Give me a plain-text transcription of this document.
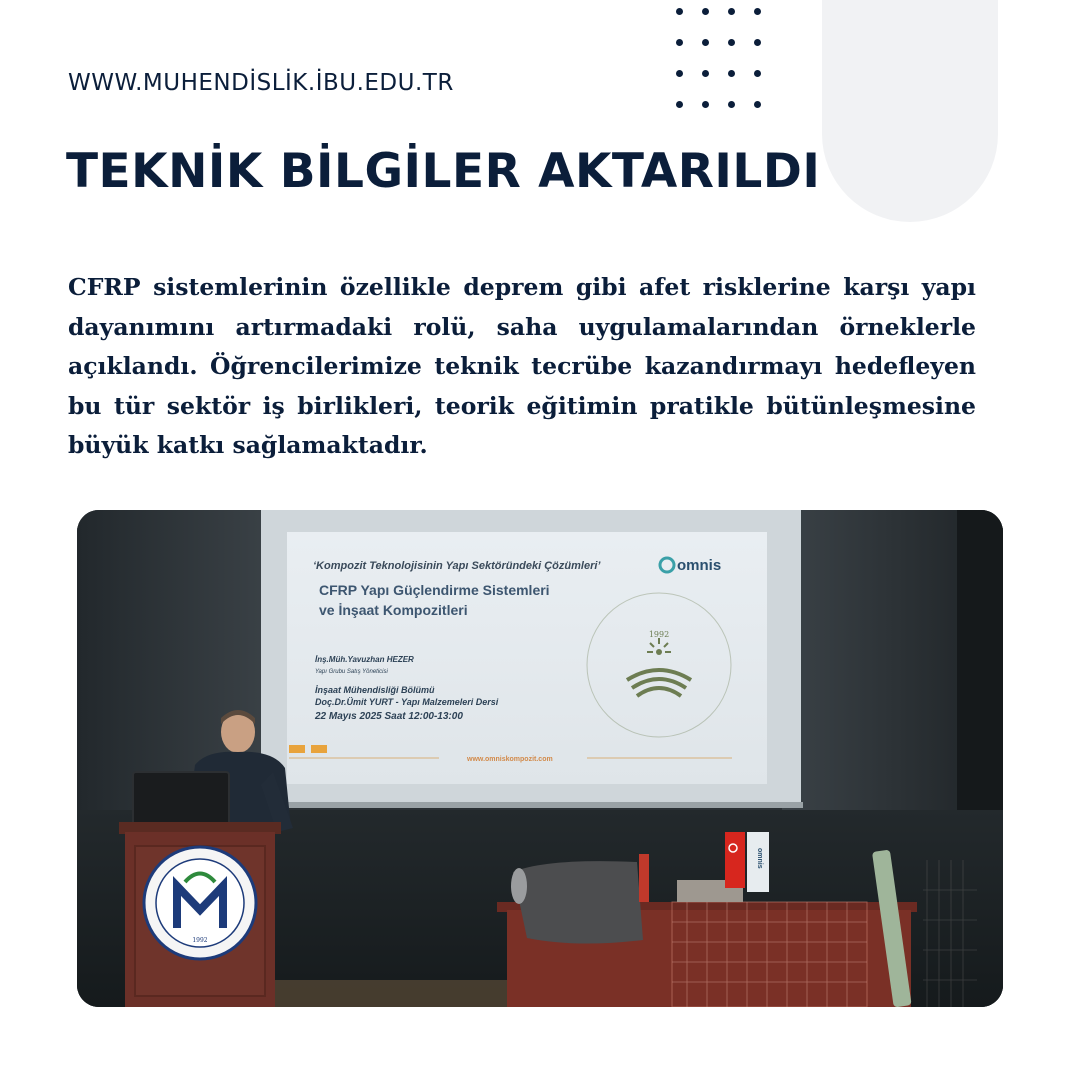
WWW.MUHENDİSLİK.İBU.EDU.TR
TEKNİK BİLGİLER AKTARILDI

CFRP sistemlerinin özellikle deprem gibi afet risklerine karşı yapı dayanımını artırmadaki rolü, saha uygulamalarından örneklerle açıklandı. Öğrencilerimize teknik tecrübe kazandırmayı hedefleyen bu tür sektör iş birlikleri, teorik eğitimin pratikle bütünleşmesine büyük katkı sağlamaktadır.

‘Kompozit Teknolojisinin Yapı Sektöründeki Çözümleri’	omnis
CFRP Yapı Güçlendirme Sistemleri
ve İnşaat Kompozitleri
İnş.Müh.Yavuzhan HEZER
Yapı Grubu Satış Yöneticisi
İnşaat Mühendisliği Bölümü
Doç.Dr.Ümit YURT - Yapı Malzemeleri Dersi
22 Mayıs 2025 Saat 12:00-13:00
www.omniskompozit.com
1992
1992
omnis
